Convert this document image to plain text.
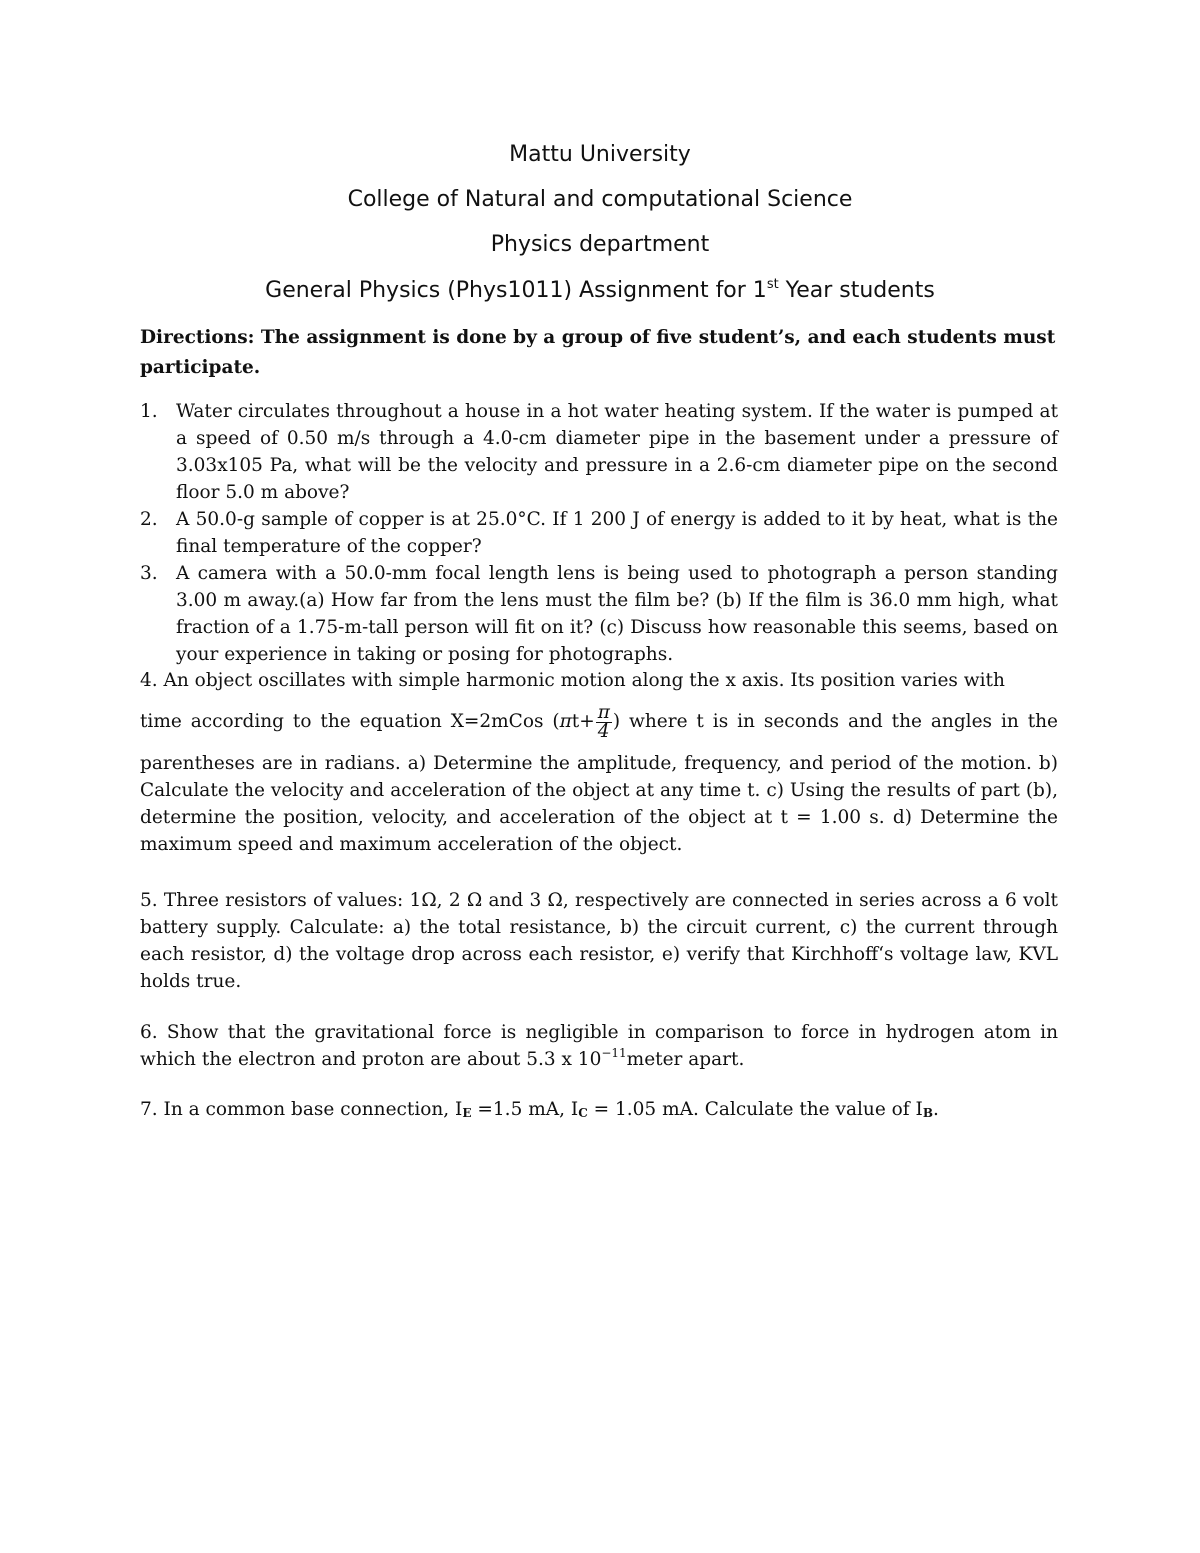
Mattu University
College of Natural and computational Science
Physics department
General Physics (Phys1011) Assignment for 1st Year students
Directions: The assignment is done by a group of five student’s, and each students must participate.
1. Water circulates throughout a house in a hot water heating system. If the water is pumped at a speed of 0.50 m/s through a 4.0-cm diameter pipe in the basement under a pressure of 3.03x105 Pa, what will be the velocity and pressure in a 2.6-cm diameter pipe on the second floor 5.0 m above?
2. A 50.0-g sample of copper is at 25.0°C. If 1 200 J of energy is added to it by heat, what is the final temperature of the copper?
3. A camera with a 50.0-mm focal length lens is being used to photograph a person standing 3.00 m away.(a) How far from the lens must the film be? (b) If the film is 36.0 mm high, what fraction of a 1.75-m-tall person will fit on it? (c) Discuss how reasonable this seems, based on your experience in taking or posing for photographs.
4. An object oscillates with simple harmonic motion along the x axis. Its position varies with
time according to the equation X=2mCos ($\pi t+ \frac{\pi}{4}$ ) where t is in seconds and the angles in the
parentheses are in radians. a) Determine the amplitude, frequency, and period of the motion. b) Calculate the velocity and acceleration of the object at any time t. c) Using the results of part (b), determine the position, velocity, and acceleration of the object at t = 1.00 s. d) Determine the maximum speed and maximum acceleration of the object.
5. Three resistors of values: 1Ω, 2 Ω and 3 Ω, respectively are connected in series across a 6 volt battery supply. Calculate: a) the total resistance, b) the circuit current, c) the current through each resistor, d) the voltage drop across each resistor, e) verify that Kirchhoff‘s voltage law, KVL holds true.
6. Show that the gravitational force is negligible in comparison to force in hydrogen atom in which the electron and proton are about 5.3 x $10^{-11}meter$ apart.
7. In a common base connection, $I_E =1.5$ mA, $I_C = 1.05$ mA. Calculate the value of $I_B$.
